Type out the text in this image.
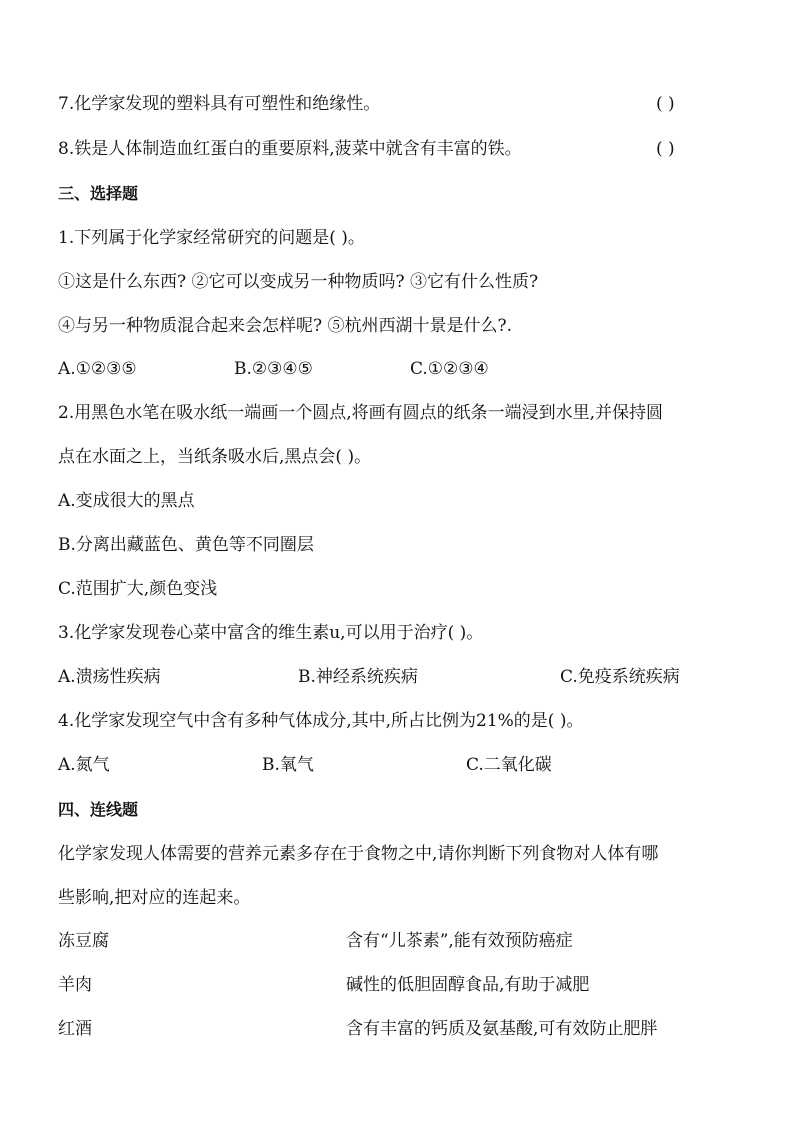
7.化学家发现的塑料具有可塑性和绝缘性。	( )
8.铁是人体制造血红蛋白的重要原料,菠菜中就含有丰富的铁。	( )
三、选择题
1.下列属于化学家经常研究的问题是( )。
①这是什么东西? ②它可以变成另一种物质吗? ③它有什么性质?
④与另一种物质混合起来会怎样呢? ⑤杭州西湖十景是什么?.
A.①②③⑤	B.②③④⑤	C.①②③④
2.用黑色水笔在吸水纸一端画一个圆点,将画有圆点的纸条一端浸到水里,并保持圆
点在水面之上，当纸条吸水后,黑点会( )。
A.变成很大的黑点
B.分离出藏蓝色、黄色等不同圈层
C.范围扩大,颜色变浅
3.化学家发现卷心菜中富含的维生素u,可以用于治疗( )。
A.溃疡性疾病	B.神经系统疾病	C.免疫系统疾病
4.化学家发现空气中含有多种气体成分,其中,所占比例为21%的是( )。
A.氮气	B.氧气	C.二氧化碳
四、连线题
化学家发现人体需要的营养元素多存在于食物之中,请你判断下列食物对人体有哪
些影响,把对应的连起来。
冻豆腐	含有“儿茶素”,能有效预防癌症
羊肉	碱性的低胆固醇食品,有助于减肥
红酒	含有丰富的钙质及氨基酸,可有效防止肥胖
